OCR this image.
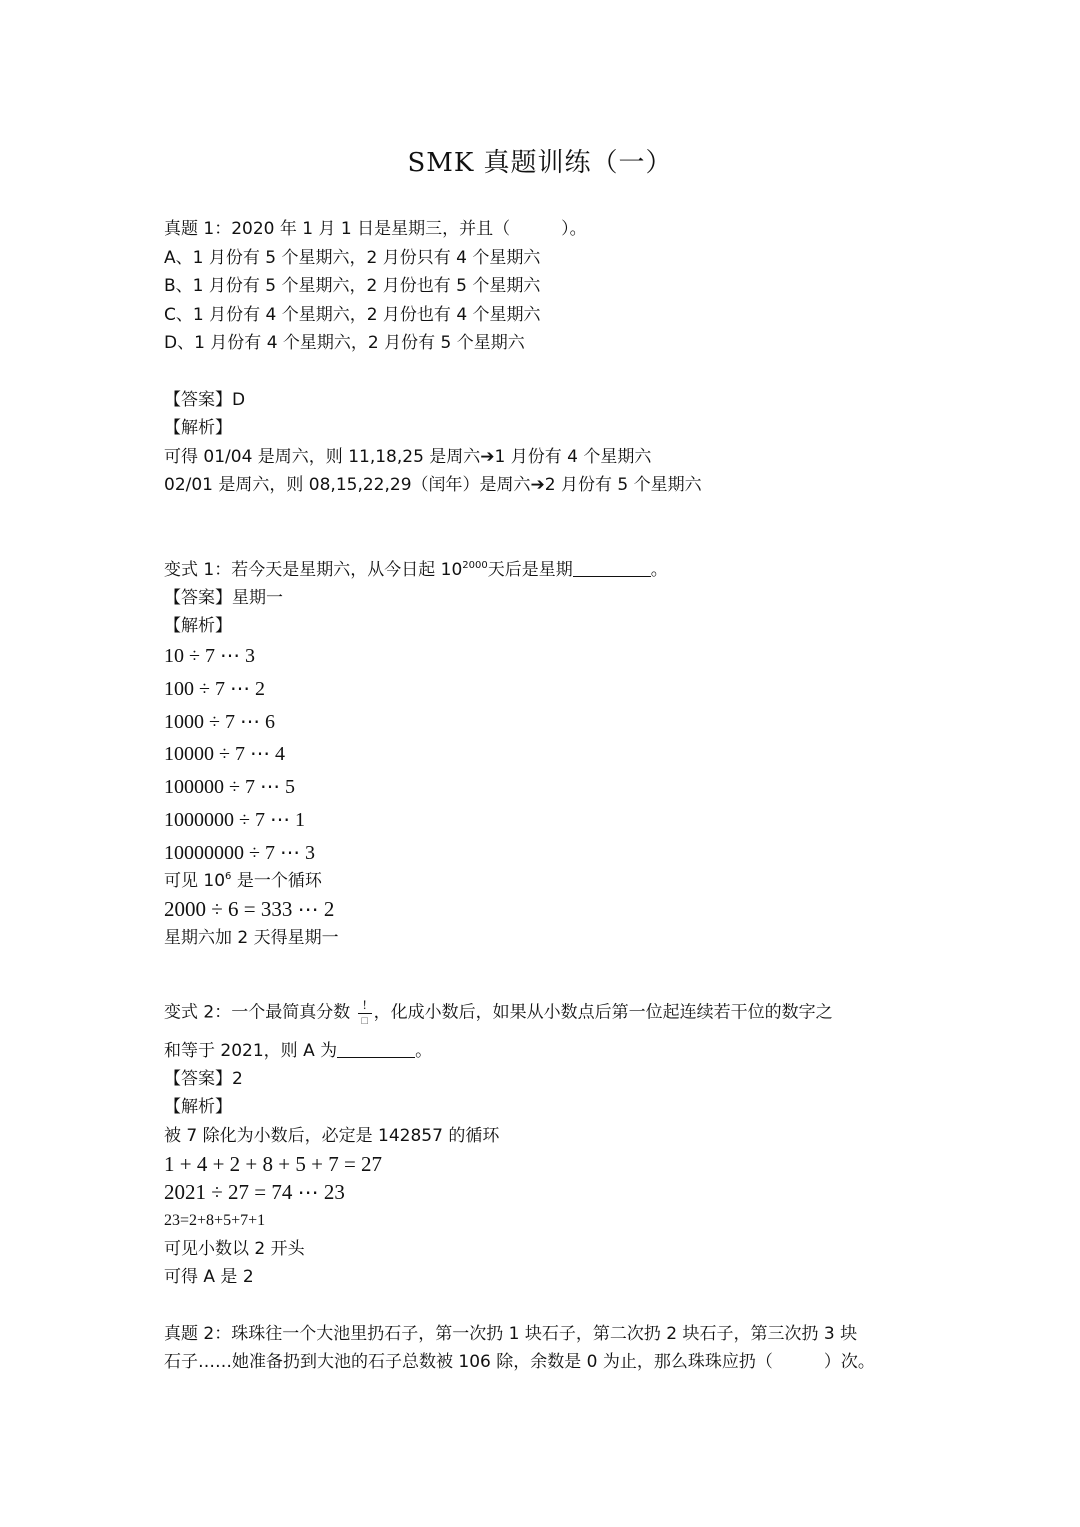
SMK 真题训练（一）
真题 1：2020 年 1 月 1 日是星期三，并且（　　　）。
A、1 月份有 5 个星期六，2 月份只有 4 个星期六
B、1 月份有 5 个星期六，2 月份也有 5 个星期六
C、1 月份有 4 个星期六，2 月份也有 4 个星期六
D、1 月份有 4 个星期六，2 月份有 5 个星期六
【答案】D
【解析】
可得 01/04 是周六，则 11,18,25 是周六➔1 月份有 4 个星期六
02/01 是周六，则 08,15,22,29（闰年）是周六➔2 月份有 5 个星期六
变式 1：若今天是星期六，从今日起 $10^{2000}$天后是星期	。
【答案】星期一
【解析】
10 ÷ 7 ⋯ 3
100 ÷ 7 ⋯ 2
1000 ÷ 7 ⋯ 6
10000 ÷ 7 ⋯ 4
100000 ÷ 7 ⋯ 5
1000000 ÷ 7 ⋯ 1
10000000 ÷ 7 ⋯ 3
可见 $10^6$ 是一个循环
2000 ÷ 6 = 333 ⋯ 2
星期六加 2 天得星期一
变式 2：一个最简真分数 $\frac{!}{□}$ ，化成小数后，如果从小数点后第一位起连续若干位的数字之
和等于 2021，则 A 为	。
【答案】2
【解析】
被 7 除化为小数后，必定是 142857 的循环
1 + 4 + 2 + 8 + 5 + 7 = 27
2021 ÷ 27 = 74 ⋯ 23
23=2+8+5+7+1
可见小数以 2 开头
可得 A 是 2
真题 2：珠珠往一个大池里扔石子，第一次扔 1 块石子，第二次扔 2 块石子，第三次扔 3 块
石子……她准备扔到大池的石子总数被 106 除，余数是 0 为止，那么珠珠应扔（　　　）次。
